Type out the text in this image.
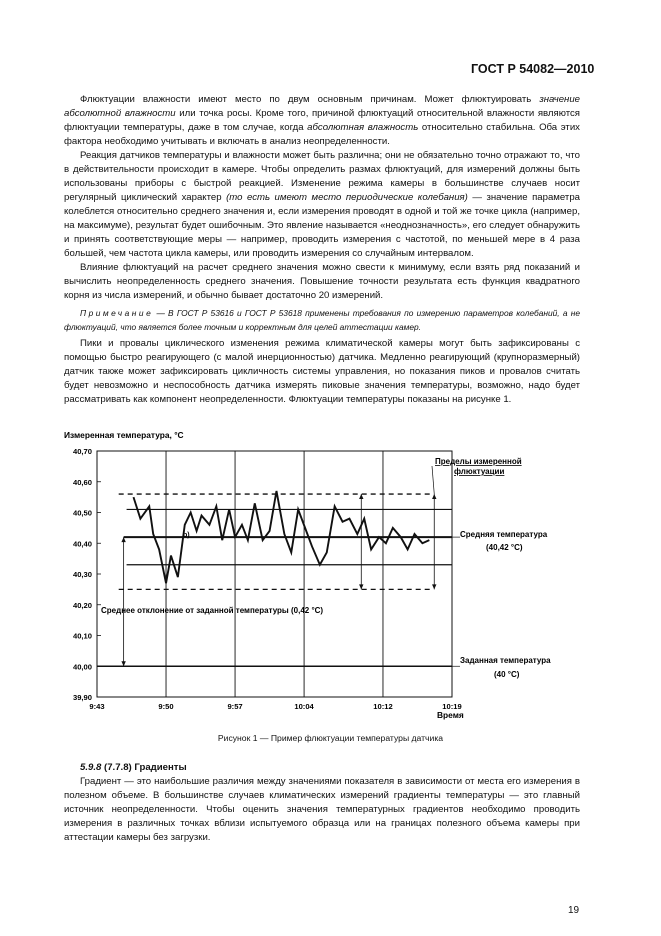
ГОСТ Р 54082—2010

Флюктуации влажности имеют место по двум основным причинам. Может флюктуировать значение абсолютной влажности или точка росы. Кроме того, причиной флюктуаций относительной влажности являются флюктуации температуры, даже в том случае, когда абсолютная влажность относительно стабильна. Оба этих фактора необходимо учитывать и включать в анализ неопределенности.

Реакция датчиков температуры и влажности может быть различна; они не обязательно точно отражают то, что в действительности происходит в камере. Чтобы определить размах флюктуаций, для измерений должны быть использованы приборы с быстрой реакцией. Изменение режима камеры в большинстве случаев носит регулярный циклический характер (то есть имеют место периодические колебания) — значение параметра колеблется относительно среднего значения и, если измерения проводят в одной и той же точке цикла (например, на максимуме), результат будет ошибочным. Это явление называется «неоднозначность», его следует обнаружить и принять соответствующие меры — например, проводить измерения с частотой, по меньшей мере в 4 раза большей, чем частота цикла камеры, или проводить измерения со случайным интервалом.

Влияние флюктуаций на расчет среднего значения можно свести к минимуму, если взять ряд показаний и вычислить неопределенность среднего значения. Повышение точности результата есть функция квадратного корня из числа измерений, и обычно бывает достаточно 20 измерений.

Примечание — В ГОСТ Р 53616 и ГОСТ Р 53618 применены требования по измерению параметров колебаний, а не флюктуаций, что является более точным и корректным для целей аттестации камер.

Пики и провалы циклического изменения режима климатической камеры могут быть зафиксированы с помощью быстро реагирующего (с малой инерционностью) датчика. Медленно реагирующий (крупноразмерный) датчик также может зафиксировать цикличность системы управления, но показания пиков и провалов считать будет невозможно и неспособность датчика измерять пиковые значения температуры, возможно, надо будет рассматривать как компонент неопределенности. Флюктуации температуры показаны на рисунке 1.

Измеренная температура, °C
40,70
40,60
40,50
40,40
40,30
40,20
40,10
40,00
39,90
9:43	9:50	9:57	10:04	10:12	10:19
Время
Пределы измеренной
флюктуации
Средняя температура
(40,42 °C)
Среднее отклонение от заданной температуры (0,42 °C)
Заданная температура
(40 °C)
b)
Рисунок 1 — Пример флюктуации температуры датчика

5.9.8 (7.7.8) Градиенты

Градиент — это наибольшие различия между значениями показателя в зависимости от места его измерения в полезном объеме. В большинстве случаев климатических измерений градиенты температуры — это главный источник неопределенности. Чтобы оценить значения температурных градиентов необходимо проводить измерения в различных точках вблизи испытуемого образца или на границах полезного объема камеры при аттестации камеры без загрузки.

19
